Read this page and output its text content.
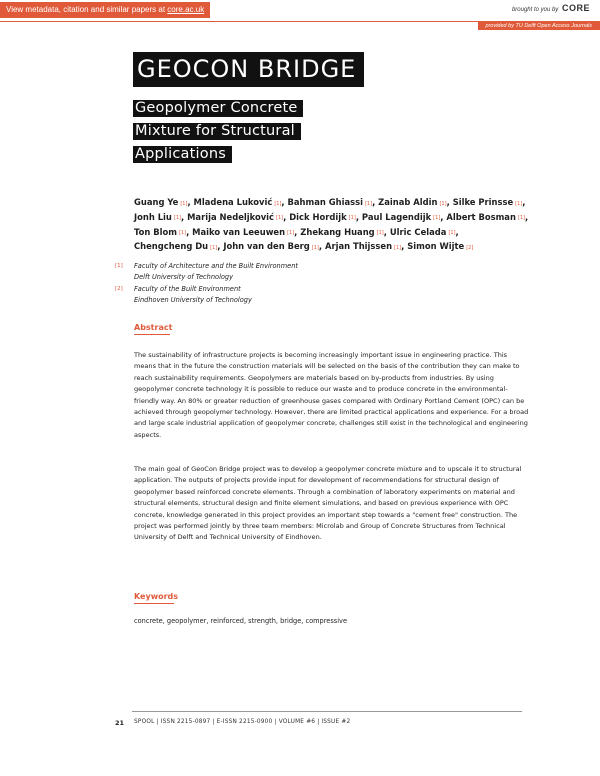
View metadata, citation and similar papers at core.ac.uk	brought to you by CORE
provided by TU Delft Open Access Journals
GEOCON BRIDGE
Geopolymer Concrete Mixture for Structural Applications
Guang Ye [1], Mladena Luković [1], Bahman Ghiassi [1], Zainab Aldin [1], Silke Prinsse [1], Jonh Liu [1], Marija Nedeljković [1], Dick Hordijk [1], Paul Lagendijk [1], Albert Bosman [1], Ton Blom [1], Maiko van Leeuwen [1], Zhekang Huang [1], Ulric Celada [1], Chengcheng Du [1], John van den Berg [1], Arjan Thijssen [1], Simon Wijte [2]
[1] Faculty of Architecture and the Built Environment
Delft University of Technology
[2] Faculty of the Built Environment
Eindhoven University of Technology
Abstract
The sustainability of infrastructure projects is becoming increasingly important issue in engineering practice. This means that in the future the construction materials will be selected on the basis of the contribution they can make to reach sustainability requirements. Geopolymers are materials based on by-products from industries. By using geopolymer concrete technology it is possible to reduce our waste and to produce concrete in the environmental-friendly way. An 80% or greater reduction of greenhouse gases compared with Ordinary Portland Cement (OPC) can be achieved through geopolymer technology. However, there are limited practical applications and experience. For a broad and large scale industrial application of geopolymer concrete, challenges still exist in the technological and engineering aspects.
The main goal of GeoCon Bridge project was to develop a geopolymer concrete mixture and to upscale it to structural application. The outputs of projects provide input for development of recommendations for structural design of geopolymer based reinforced concrete elements. Through a combination of laboratory experiments on material and structural elements, structural design and finite element simulations, and based on previous experience with OPC concrete, knowledge generated in this project provides an important step towards a "cement free" construction. The project was performed jointly by three team members: Microlab and Group of Concrete Structures from Technical University of Delft and Technical University of Eindhoven.
Keywords
concrete, geopolymer, reinforced, strength, bridge, compressive
21 SPOOL | ISSN 2215-0897 | E-ISSN 2215-0900 | VOLUME #6 | ISSUE #2
